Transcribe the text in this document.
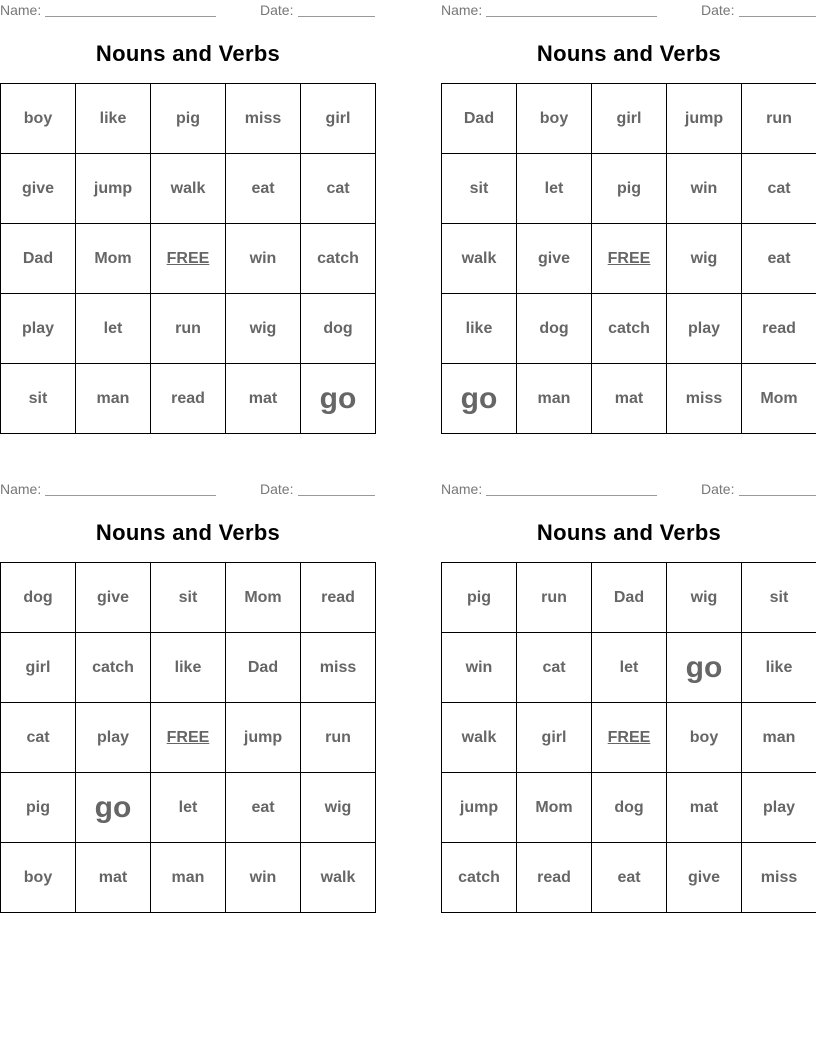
Name:	Date:
Nouns and Verbs
boy	like	pig	miss	girl
give	jump	walk	eat	cat
Dad	Mom	FREE	win	catch
play	let	run	wig	dog
sit	man	read	mat	go
Name:	Date:
Nouns and Verbs
Dad	boy	girl	jump	run
sit	let	pig	win	cat
walk	give	FREE	wig	eat
like	dog	catch	play	read
go	man	mat	miss	Mom
Name:	Date:
Nouns and Verbs
dog	give	sit	Mom	read
girl	catch	like	Dad	miss
cat	play	FREE	jump	run
pig	go	let	eat	wig
boy	mat	man	win	walk
Name:	Date:
Nouns and Verbs
pig	run	Dad	wig	sit
win	cat	let	go	like
walk	girl	FREE	boy	man
jump	Mom	dog	mat	play
catch	read	eat	give	miss
